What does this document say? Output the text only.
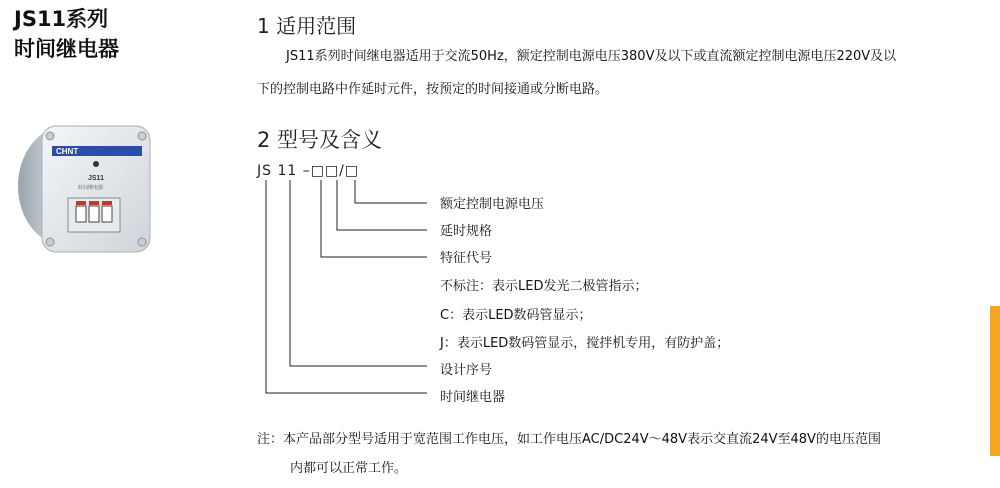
JS11系列
时间继电器
CHNT
JS11
时间继电器
1 适用范围
JS11系列时间继电器适用于交流50Hz，额定控制电源电压380V及以下或直流额定控制电源电压220V及以
下的控制电路中作延时元件，按预定的时间接通或分断电路。
2 型号及含义
JS 11 –□□/□
额定控制电源电压
延时规格
特征代号
不标注：表示LED发光二极管指示；
C：表示LED数码管显示；
J：表示LED数码管显示，搅拌机专用，有防护盖；
设计序号
时间继电器
注：本产品部分型号适用于宽范围工作电压，如工作电压AC/DC24V～48V表示交直流24V至48V的电压范围
内都可以正常工作。
